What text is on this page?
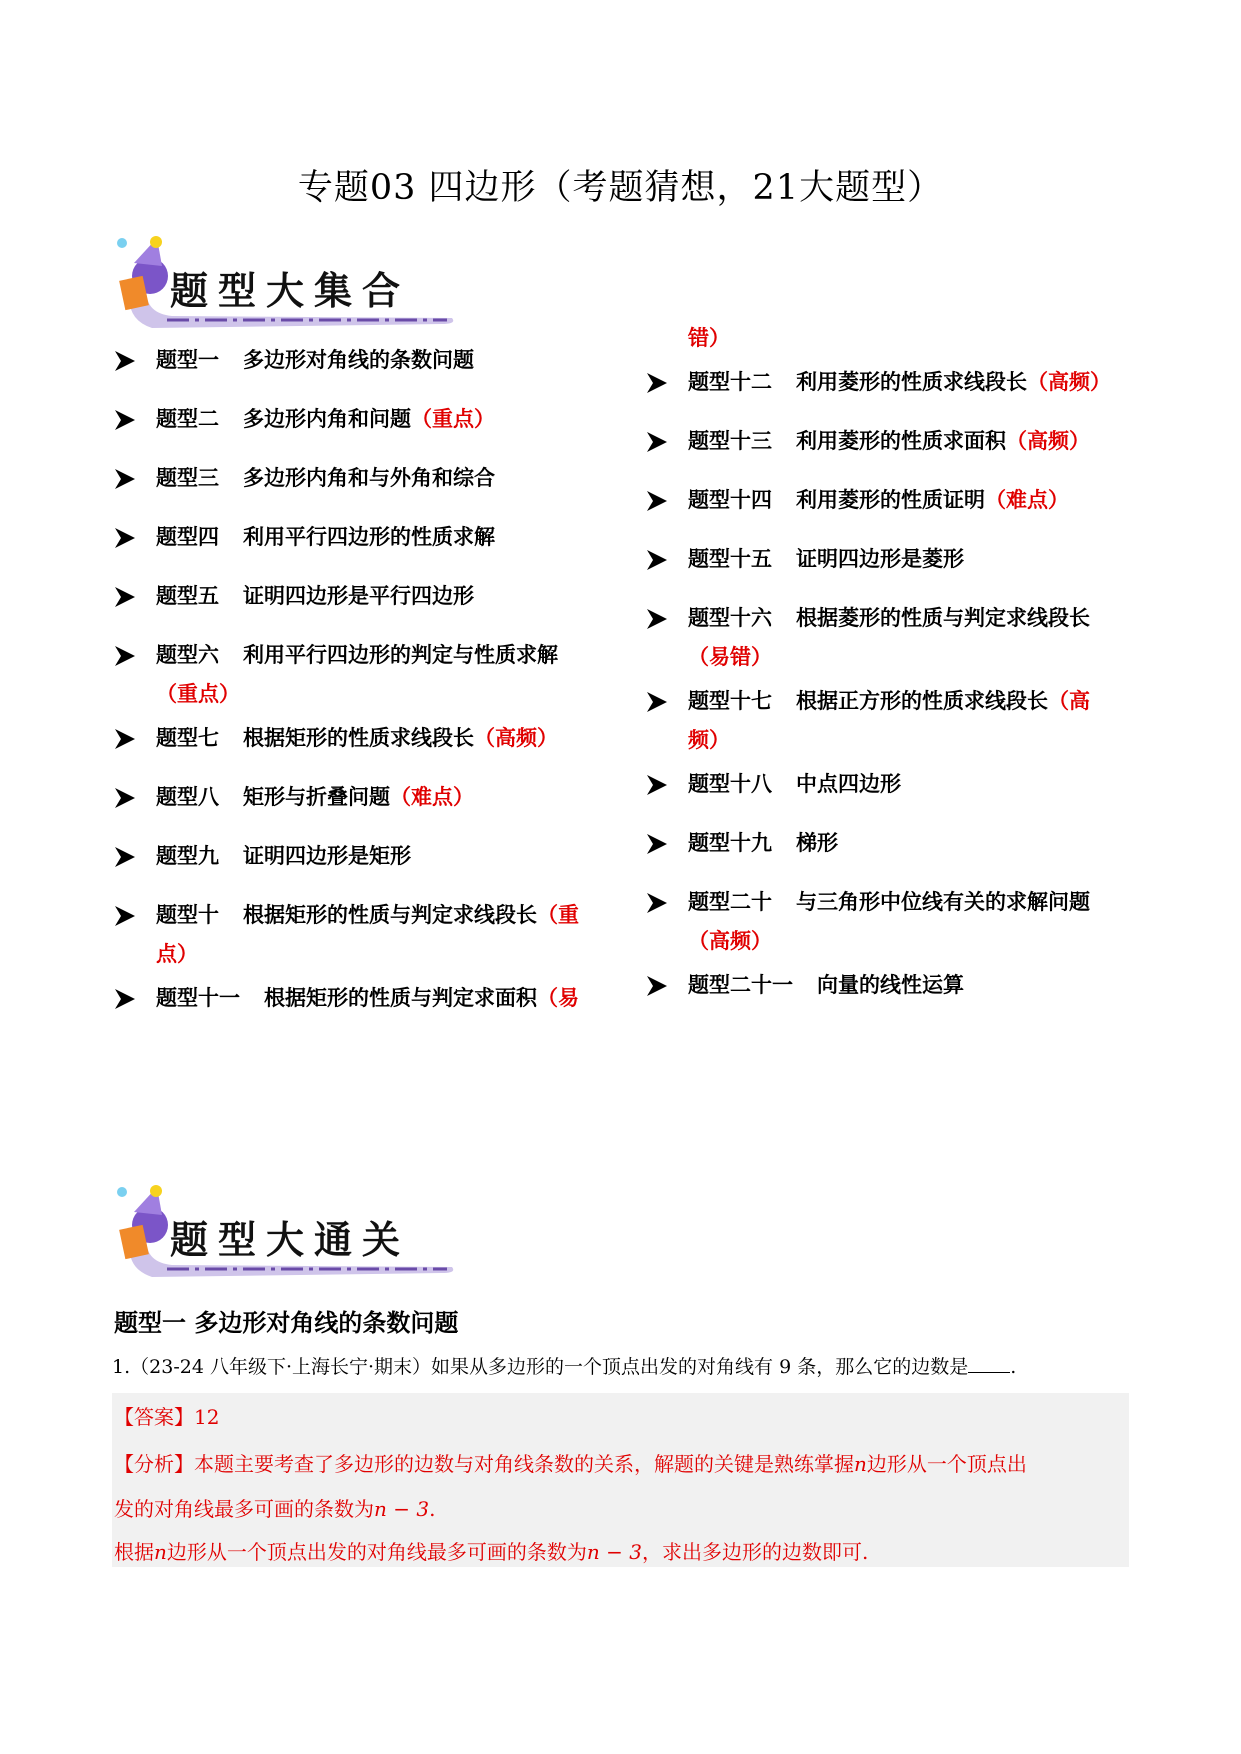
专题03 四边形（考题猜想，21大题型）
题型大集合
题型一 多边形对角线的条数问题
题型二 多边形内角和问题（重点）
题型三 多边形内角和与外角和综合
题型四 利用平行四边形的性质求解
题型五 证明四边形是平行四边形
题型六 利用平行四边形的判定与性质求解
（重点）
题型七 根据矩形的性质求线段长（高频）
题型八 矩形与折叠问题（难点）
题型九 证明四边形是矩形
题型十 根据矩形的性质与判定求线段长（重
点）
题型十一 根据矩形的性质与判定求面积（易
错）
题型十二 利用菱形的性质求线段长（高频）
题型十三 利用菱形的性质求面积（高频）
题型十四 利用菱形的性质证明（难点）
题型十五 证明四边形是菱形
题型十六 根据菱形的性质与判定求线段长
（易错）
题型十七 根据正方形的性质求线段长（高
频）
题型十八 中点四边形
题型十九 梯形
题型二十 与三角形中位线有关的求解问题
（高频）
题型二十一 向量的线性运算
题型大通关
题型一 多边形对角线的条数问题
1.（23-24 八年级下·上海长宁·期末）如果从多边形的一个顶点出发的对角线有 9 条，那么它的边数是 .
【答案】12
【分析】本题主要考查了多边形的边数与对角线条数的关系，解题的关键是熟练掌握n边形从一个顶点出
发的对角线最多可画的条数为n − 3.
根据n边形从一个顶点出发的对角线最多可画的条数为n − 3，求出多边形的边数即可.
